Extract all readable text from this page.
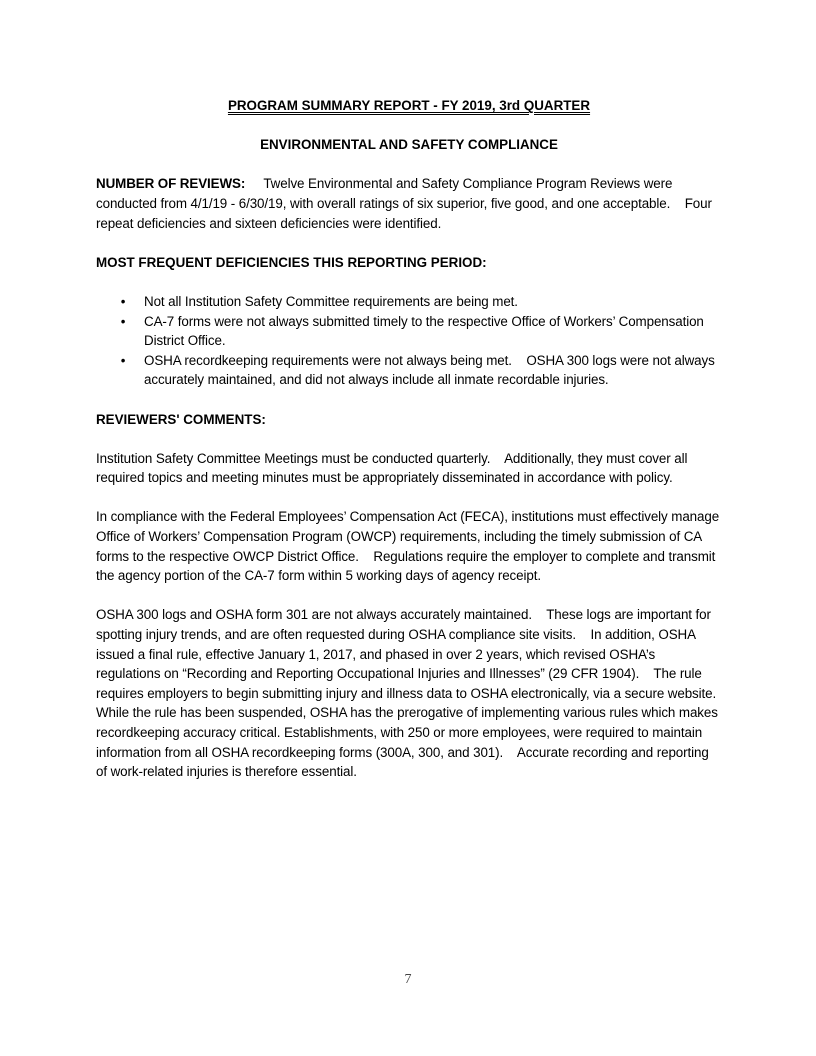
PROGRAM SUMMARY REPORT - FY 2019, 3rd QUARTER
ENVIRONMENTAL AND SAFETY COMPLIANCE

NUMBER OF REVIEWS: Twelve Environmental and Safety Compliance Program Reviews were conducted from 4/1/19 - 6/30/19, with overall ratings of six superior, five good, and one acceptable.    Four repeat deficiencies and sixteen deficiencies were identified.

MOST FREQUENT DEFICIENCIES THIS REPORTING PERIOD:
• Not all Institution Safety Committee requirements are being met.
• CA-7 forms were not always submitted timely to the respective Office of Workers’ Compensation District Office.
• OSHA recordkeeping requirements were not always being met.    OSHA 300 logs were not always accurately maintained, and did not always include all inmate recordable injuries.
REVIEWERS' COMMENTS:

Institution Safety Committee Meetings must be conducted quarterly.    Additionally, they must cover all required topics and meeting minutes must be appropriately disseminated in accordance with policy.

In compliance with the Federal Employees’ Compensation Act (FECA), institutions must effectively manage Office of Workers’ Compensation Program (OWCP) requirements, including the timely submission of CA forms to the respective OWCP District Office.    Regulations require the employer to complete and transmit the agency portion of the CA-7 form within 5 working days of agency receipt.

OSHA 300 logs and OSHA form 301 are not always accurately maintained.    These logs are important for spotting injury trends, and are often requested during OSHA compliance site visits.    In addition, OSHA issued a final rule, effective January 1, 2017, and phased in over 2 years, which revised OSHA’s regulations on “Recording and Reporting Occupational Injuries and Illnesses” (29 CFR 1904).    The rule requires employers to begin submitting injury and illness data to OSHA electronically, via a secure website.    While the rule has been suspended, OSHA has the prerogative of implementing various rules which makes recordkeeping accuracy critical. Establishments, with 250 or more employees, were required to maintain information from all OSHA recordkeeping forms (300A, 300, and 301).    Accurate recording and reporting of work-related injuries is therefore essential.

7
